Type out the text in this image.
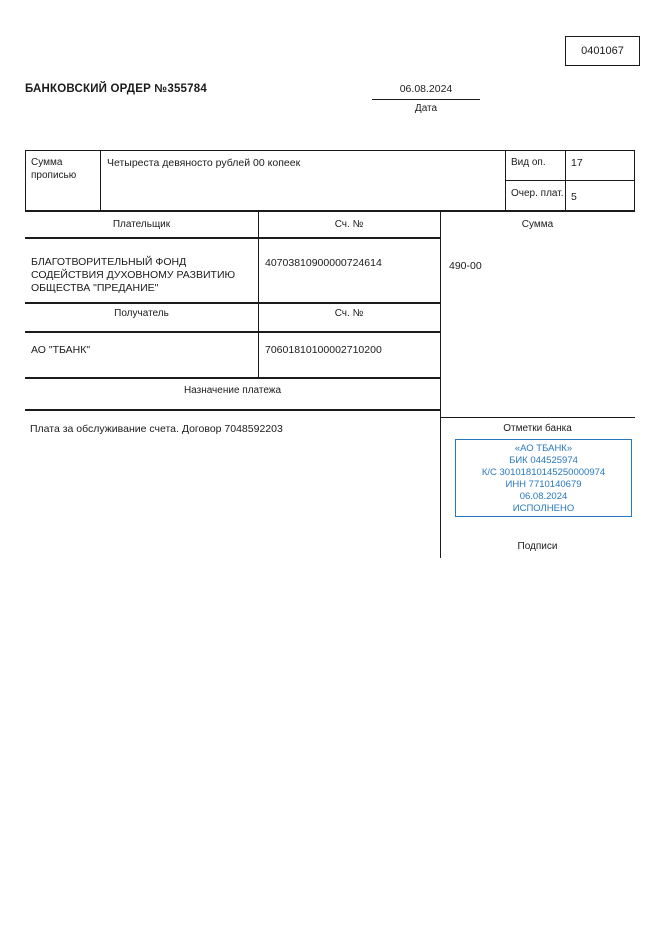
0401067
БАНКОВСКИЙ ОРДЕР №355784	06.08.2024
Дата
Сумма прописью
Четыреста девяносто рублей 00 копеек	Вид оп. 17
Очер. плат. 5
Плательщик	Сч. №	Сумма
БЛАГОТВОРИТЕЛЬНЫЙ ФОНД СОДЕЙСТВИЯ ДУХОВНОМУ РАЗВИТИЮ ОБЩЕСТВА "ПРЕДАНИЕ"
40703810900000724614	490-00
Получатель	Сч. №
АО "ТБАНК"	70601810100002710200
Назначение платежа
Плата за обслуживание счета. Договор 7048592203	Отметки банка
«АО ТБАНК»
БИК 044525974
К/С 30101810145250000974
ИНН 7710140679
06.08.2024
ИСПОЛНЕНО
Подписи
